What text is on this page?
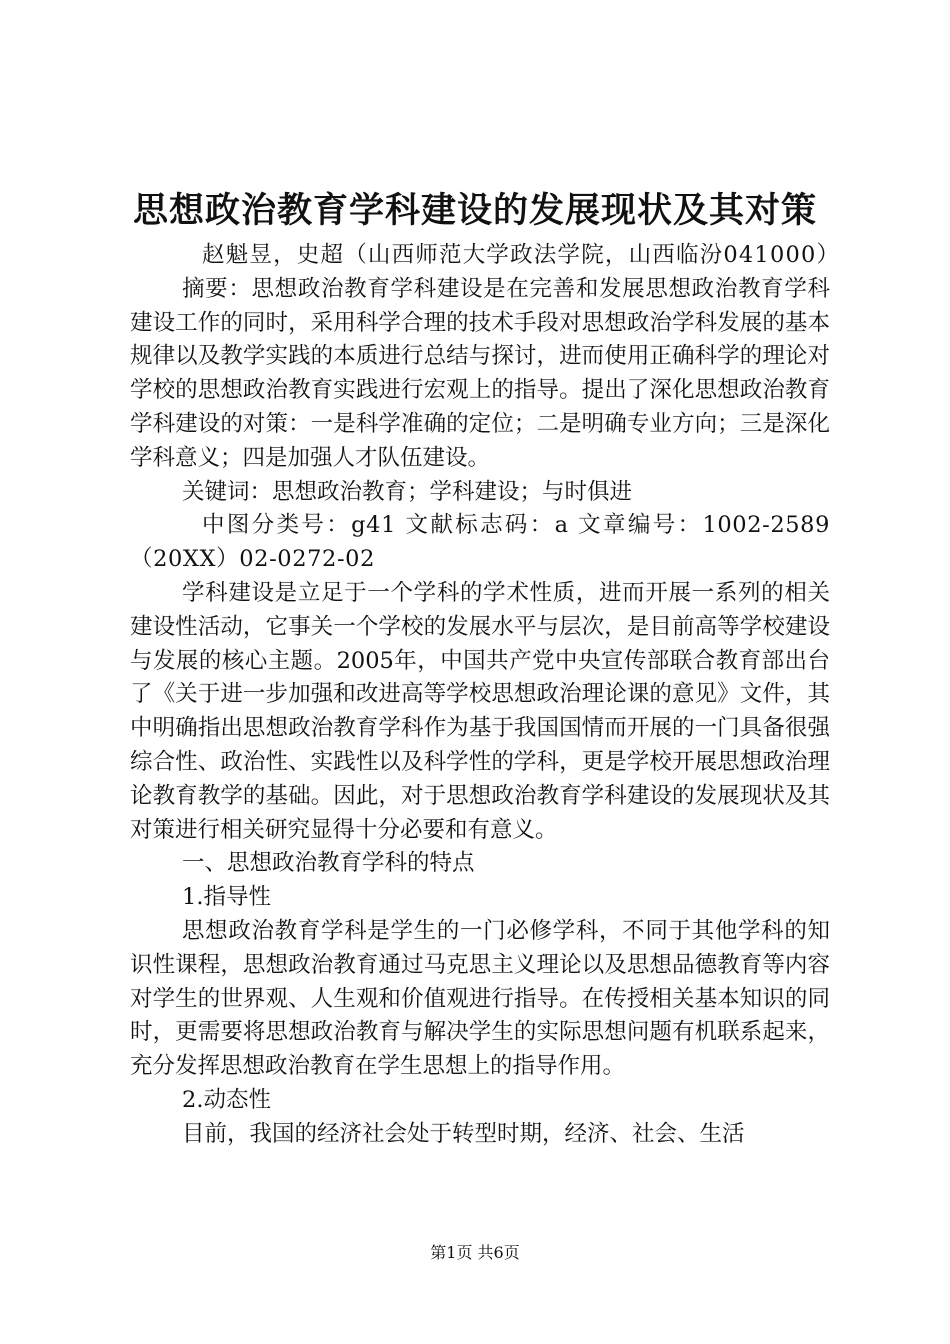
思想政治教育学科建设的发展现状及其对策

赵魁昱，史超（山西师范大学政法学院，山西临汾041000）

摘要：思想政治教育学科建设是在完善和发展思想政治教育学科建设工作的同时，采用科学合理的技术手段对思想政治学科发展的基本规律以及教学实践的本质进行总结与探讨，进而使用正确科学的理论对学校的思想政治教育实践进行宏观上的指导。提出了深化思想政治教育学科建设的对策：一是科学准确的定位；二是明确专业方向；三是深化学科意义；四是加强人才队伍建设。

关键词：思想政治教育；学科建设；与时俱进

中图分类号：g41 文献标志码：a 文章编号：1002-2589（20XX）02-0272-02

学科建设是立足于一个学科的学术性质，进而开展一系列的相关建设性活动，它事关一个学校的发展水平与层次，是目前高等学校建设与发展的核心主题。2005年，中国共产党中央宣传部联合教育部出台了《关于进一步加强和改进高等学校思想政治理论课的意见》文件，其中明确指出思想政治教育学科作为基于我国国情而开展的一门具备很强综合性、政治性、实践性以及科学性的学科，更是学校开展思想政治理论教育教学的基础。因此，对于思想政治教育学科建设的发展现状及其对策进行相关研究显得十分必要和有意义。

一、思想政治教育学科的特点

1.指导性

思想政治教育学科是学生的一门必修学科，不同于其他学科的知识性课程，思想政治教育通过马克思主义理论以及思想品德教育等内容对学生的世界观、人生观和价值观进行指导。在传授相关基本知识的同时，更需要将思想政治教育与解决学生的实际思想问题有机联系起来，充分发挥思想政治教育在学生思想上的指导作用。

2.动态性

目前，我国的经济社会处于转型时期，经济、社会、生活

第1页 共6页
